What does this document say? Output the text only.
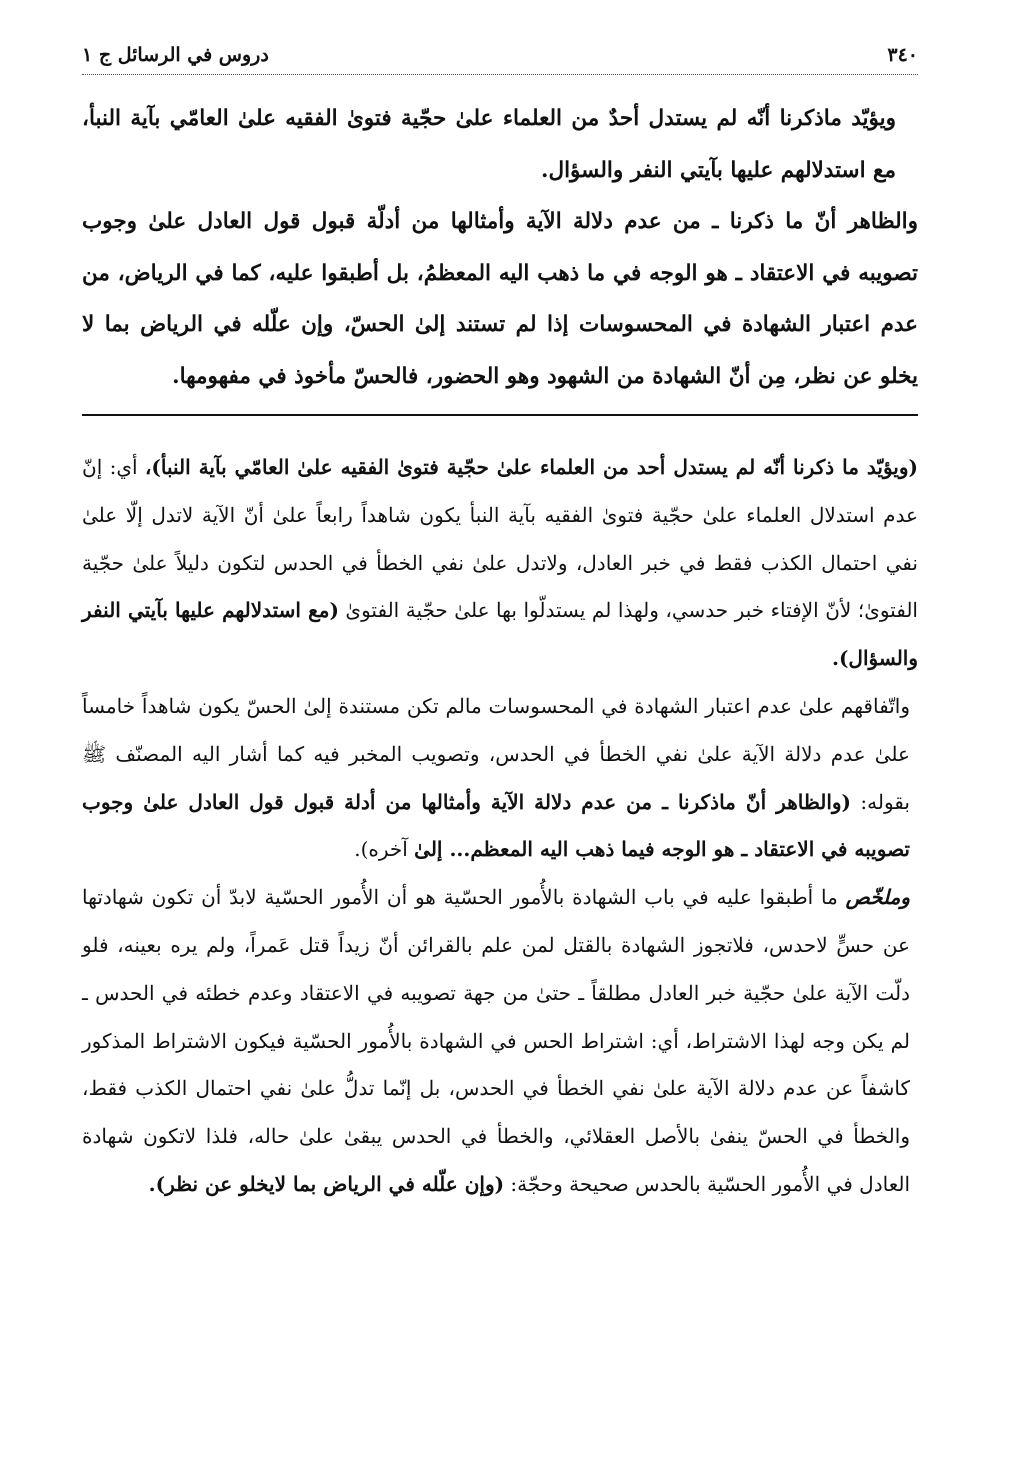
٣٤٠
دروس في الرسائل ج ١

ويؤيّد ماذكرنا أنّه لم يستدل أحدٌ من العلماء علىٰ حجّية فتوىٰ الفقيه علىٰ العامّي بآية النبأ، مع استدلالهم عليها بآيتي النفر والسؤال.

والظاهر أنّ ما ذكرنا ـ من عدم دلالة الآية وأمثالها من أدلّة قبول قول العادل علىٰ وجوب تصويبه في الاعتقاد ـ هو الوجه في ما ذهب اليه المعظمُ، بل أطبقوا عليه، كما في الرياض، من عدم اعتبار الشهادة في المحسوسات إذا لم تستند إلىٰ الحسّ، وإن علّله في الرياض بما لا يخلو عن نظر، مِن أنّ الشهادة من الشهود وهو الحضور، فالحسّ مأخوذ في مفهومها.

(ويؤيّد ما ذكرنا أنّه لم يستدل أحد من العلماء علىٰ حجّية فتوىٰ الفقيه علىٰ العامّي بآية النبأ)، أي: إنّ عدم استدلال العلماء علىٰ حجّية فتوىٰ الفقيه بآية النبأ يكون شاهداً رابعاً علىٰ أنّ الآية لاتدل إلّا علىٰ نفي احتمال الكذب فقط في خبر العادل، ولاتدل علىٰ نفي الخطأ في الحدس لتكون دليلاً علىٰ حجّية الفتوىٰ؛ لأنّ الإفتاء خبر حدسي، ولهذا لم يستدلّوا بها علىٰ حجّية الفتوىٰ (مع استدلالهم عليها بآيتي النفر والسؤال).

واتّفاقهم علىٰ عدم اعتبار الشهادة في المحسوسات مالم تكن مستندة إلىٰ الحسّ يكون شاهداً خامساً علىٰ عدم دلالة الآية علىٰ نفي الخطأ في الحدس، وتصويب المخبر فيه كما أشار اليه المصنّف ﷺ بقوله: (والظاهر أنّ ماذكرنا ـ من عدم دلالة الآية وأمثالها من أدلة قبول قول العادل علىٰ وجوب تصويبه في الاعتقاد ـ هو الوجه فيما ذهب اليه المعظم... إلىٰ آخره).

وملخّص ما أطبقوا عليه في باب الشهادة بالأُمور الحسّية هو أن الأُمور الحسّية لابدّ أن تكون شهادتها عن حسٍّ لاحدس، فلاتجوز الشهادة بالقتل لمن علم بالقرائن أنّ زيداً قتل عَمراً، ولم يره بعينه، فلو دلّت الآية علىٰ حجّية خبر العادل مطلقاً ـ حتىٰ من جهة تصويبه في الاعتقاد وعدم خطئه في الحدس ـ لم يكن وجه لهذا الاشتراط، أي: اشتراط الحس في الشهادة بالأُمور الحسّية فيكون الاشتراط المذكور كاشفاً عن عدم دلالة الآية علىٰ نفي الخطأ في الحدس، بل إنّما تدلُّ علىٰ نفي احتمال الكذب فقط، والخطأ في الحسّ ينفىٰ بالأصل العقلائي، والخطأ في الحدس يبقىٰ علىٰ حاله، فلذا لاتكون شهادة العادل في الأُمور الحسّية بالحدس صحيحة وحجّة: (وإن علّله في الرياض بما لايخلو عن نظر).
